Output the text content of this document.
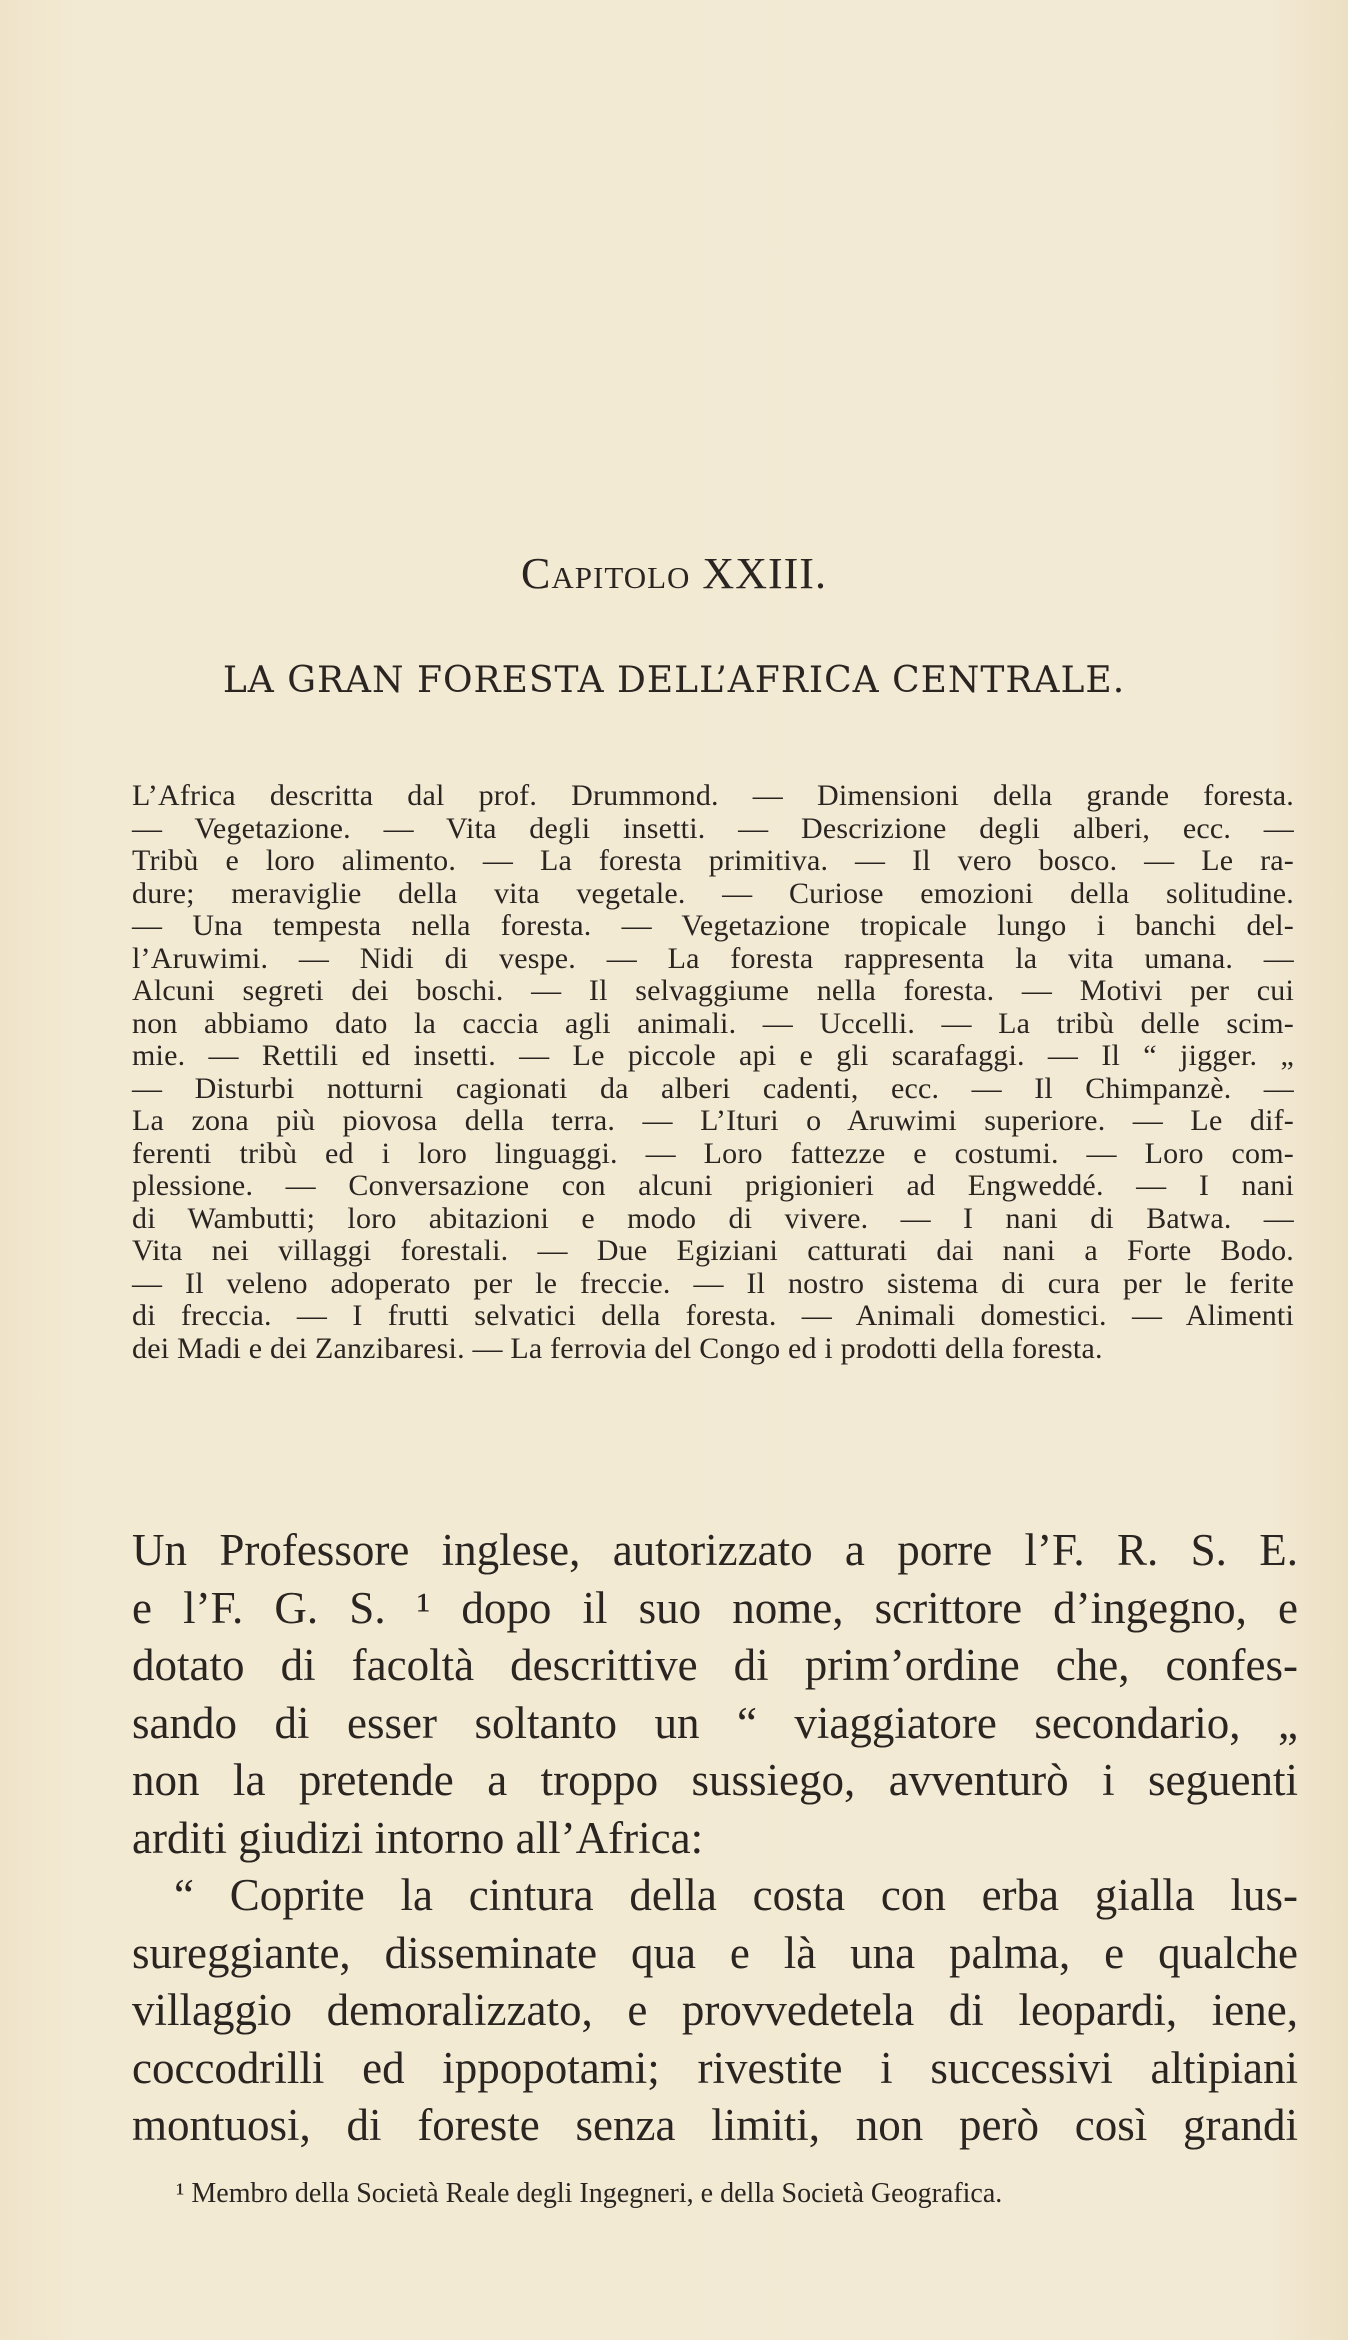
Capitolo XXIII.
LA GRAN FORESTA DELL’AFRICA CENTRALE.
L’Africa descritta dal prof. Drummond. — Dimensioni della grande foresta.
— Vegetazione. — Vita degli insetti. — Descrizione degli alberi, ecc. —
Tribù e loro alimento. — La foresta primitiva. — Il vero bosco. — Le ra-
dure; meraviglie della vita vegetale. — Curiose emozioni della solitudine.
— Una tempesta nella foresta. — Vegetazione tropicale lungo i banchi del-
l’Aruwimi. — Nidi di vespe. — La foresta rappresenta la vita umana. —
Alcuni segreti dei boschi. — Il selvaggiume nella foresta. — Motivi per cui
non abbiamo dato la caccia agli animali. — Uccelli. — La tribù delle scim-
mie. — Rettili ed insetti. — Le piccole api e gli scarafaggi. — Il “ jigger. „
— Disturbi notturni cagionati da alberi cadenti, ecc. — Il Chimpanzè. —
La zona più piovosa della terra. — L’Ituri o Aruwimi superiore. — Le dif-
ferenti tribù ed i loro linguaggi. — Loro fattezze e costumi. — Loro com-
plessione. — Conversazione con alcuni prigionieri ad Engweddé. — I nani
di Wambutti; loro abitazioni e modo di vivere. — I nani di Batwa. —
Vita nei villaggi forestali. — Due Egiziani catturati dai nani a Forte Bodo.
— Il veleno adoperato per le freccie. — Il nostro sistema di cura per le ferite
di freccia. — I frutti selvatici della foresta. — Animali domestici. — Alimenti
dei Madi e dei Zanzibaresi. — La ferrovia del Congo ed i prodotti della foresta.
Un Professore inglese, autorizzato a porre l’F. R. S. E.
e l’F. G. S. ¹ dopo il suo nome, scrittore d’ingegno, e
dotato di facoltà descrittive di prim’ordine che, confes-
sando di esser soltanto un “ viaggiatore secondario, „
non la pretende a troppo sussiego, avventurò i seguenti
arditi giudizi intorno all’Africa:
“ Coprite la cintura della costa con erba gialla lus-
sureggiante, disseminate qua e là una palma, e qualche
villaggio demoralizzato, e provvedetela di leopardi, iene,
coccodrilli ed ippopotami; rivestite i successivi altipiani
montuosi, di foreste senza limiti, non però così grandi
¹ Membro della Società Reale degli Ingegneri, e della Società Geografica.
